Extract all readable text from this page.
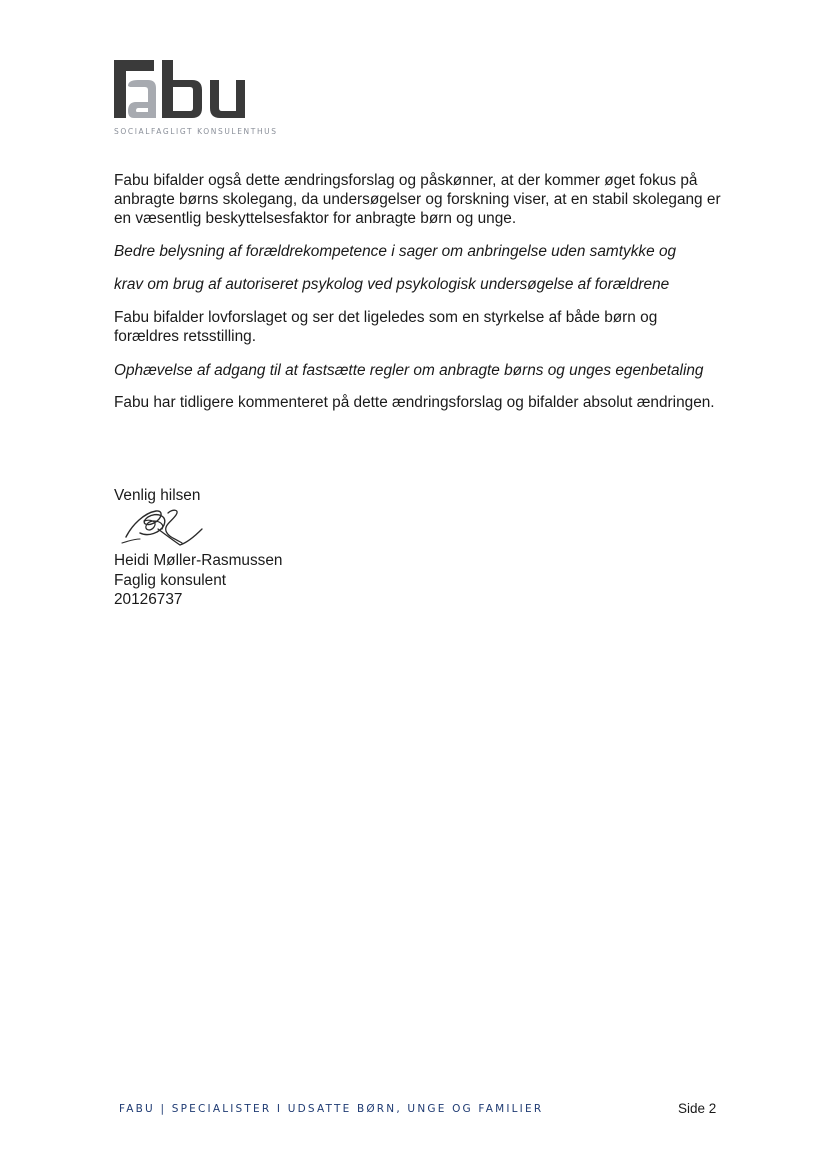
SOCIALFAGLIGT KONSULENTHUS

Fabu bifalder også dette ændringsforslag og påskønner, at der kommer øget fokus på anbragte børns skolegang, da undersøgelser og forskning viser, at en stabil skolegang er en væsentlig beskyttelsesfaktor for anbragte børn og unge.

Bedre belysning af forældrekompetence i sager om anbringelse uden samtykke og

krav om brug af autoriseret psykolog ved psykologisk undersøgelse af forældrene

Fabu bifalder lovforslaget og ser det ligeledes som en styrkelse af både børn og forældres retsstilling.

Ophævelse af adgang til at fastsætte regler om anbragte børns og unges egenbetaling

Fabu har tidligere kommenteret på dette ændringsforslag og bifalder absolut ændringen.

Venlig hilsen
Heidi Møller-Rasmussen
Faglig konsulent
20126737
FABU | SPECIALISTER I UDSATTE BØRN, UNGE OG FAMILIER	Side 2
